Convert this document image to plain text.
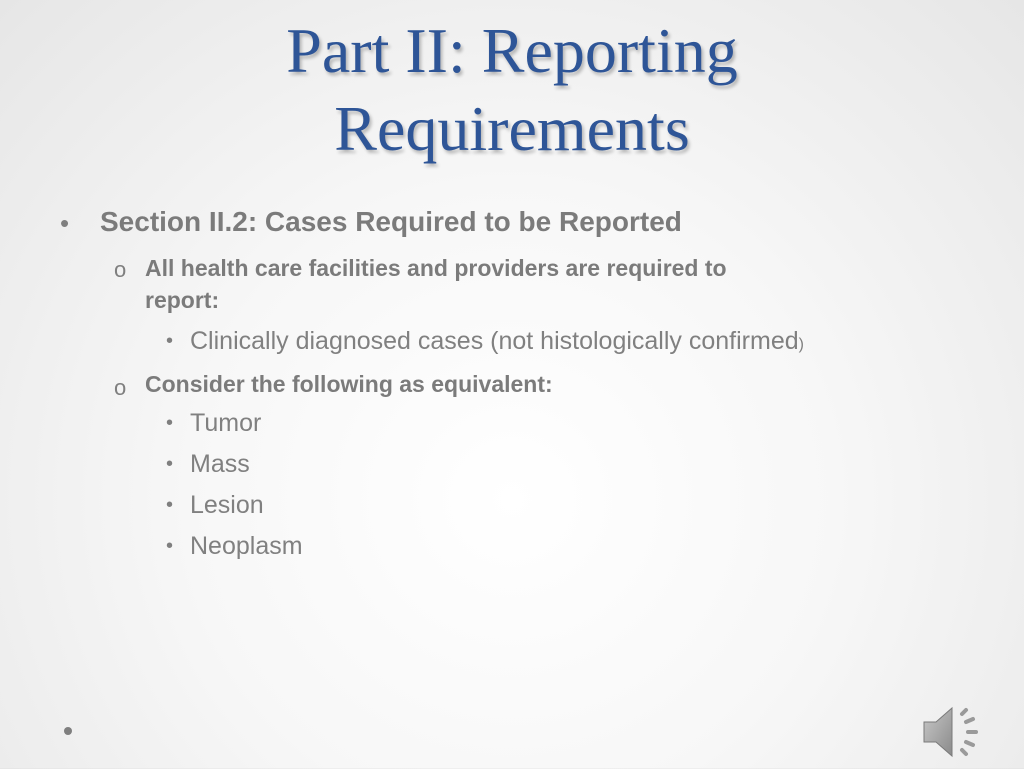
Part II: Reporting
Requirements
• Section II.2: Cases Required to be Reported
o All health care facilities and providers are required to
report:
• Clinically diagnosed cases (not histologically confirmed)
o Consider the following as equivalent:
• Tumor
• Mass
• Lesion
• Neoplasm
